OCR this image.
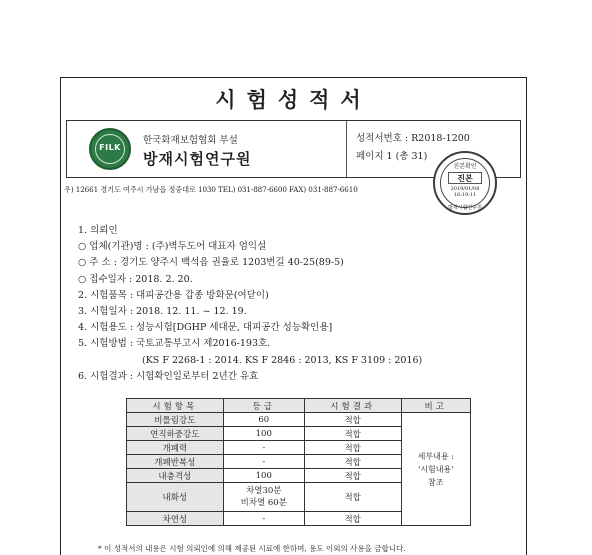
시험성적서
FILK
한국화재보험협회 부설
방재시험연구원
성적서번호 : R2018-1200
페이지 1 (총 31)
우) 12661 경기도 여주시 가남읍 정중대로 1030 TEL) 031-887-6600 FAX) 031-887-6610
진본확인
진본
2019/01/08
16:19:11
방재시험연구원
1. 의뢰인
○ 업체(기관)명 : (주)벽두도어 대표자 엄익설
○ 주 소 : 경기도 양주시 백석읍 권율로 1203번길 40-25(89-5)
○ 접수일자 : 2018. 2. 20.
2. 시험품목 : 대피공간용 갑종 방화문(여닫이)
3. 시험일자 : 2018. 12. 11. ~ 12. 19.
4. 시험용도 : 성능시험[DGHP 세대문, 대피공간 성능확인용]
5. 시험방법 : 국토교통부고시 제2016-193호.
(KS F 2268-1 : 2014. KS F 2846 : 2013, KS F 3109 : 2016)
6. 시험결과 : 시험확인일로부터 2년간 유효
시험항목	등급	시험결과	비고
비틀림강도	60	적합	세부내용 :
'시험내용'
참조
연직하중강도	100	적합	
개폐력	-	적합	
개폐반복성	-	적합	
내충격성	100	적합	
내화성	차열30분
비차열 60분	적합	
차연성	-	적합	
* 이 성적서의 내용은 시험 의뢰인에 의해 제공된 시료에 한하며, 용도 이외의 사용을 금합니다.
